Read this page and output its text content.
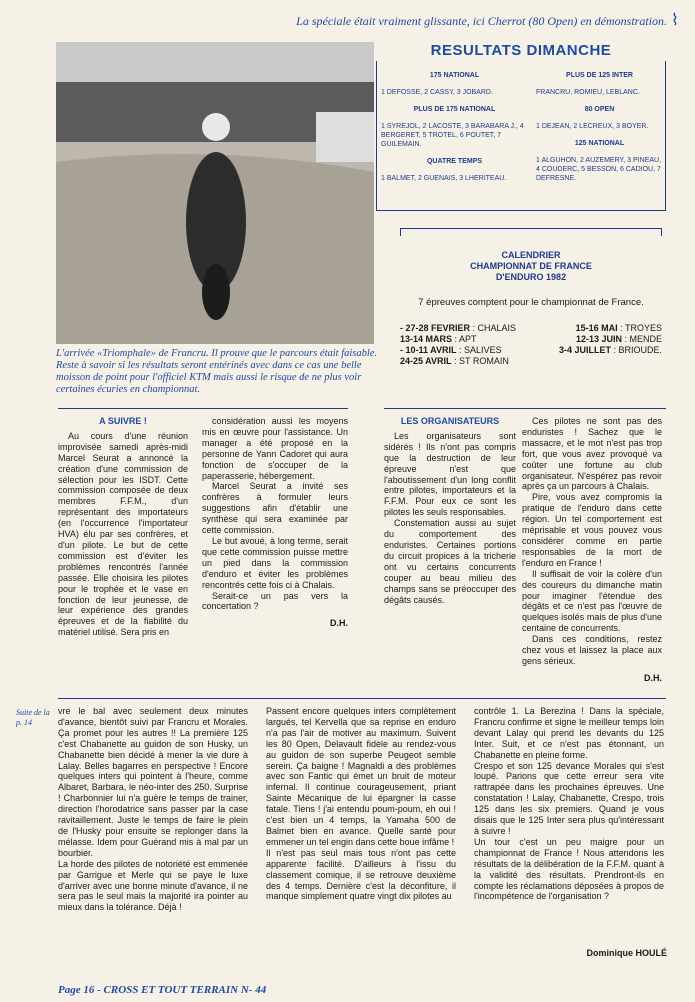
La spéciale était vraiment glissante, ici Cherrot (80 Open) en démonstration. ⌇
L'arrivée «Triomphale» de Francru. Il prouve que le parcours était faisable. Reste à savoir si les résultats seront entérinés avec dans ce cas une belle moisson de point pour l'officiel KTM mais aussi le risque de ne plus voir certaines écuries en championnat.
RESULTATS DIMANCHE
175 NATIONAL
1 DEFOSSE, 2 CASSY, 3 JOBARD.
PLUS DE 175 NATIONAL
1 SYREJOL, 2 LACOSTE, 3 BARABARA J., 4 BERGERET, 5 TROTEL, 6 POUTET, 7 GUILEMAIN.
QUATRE TEMPS
1 BALMET, 2 GUENAIS, 3 LHERITEAU.
PLUS DE 125 INTER
FRANCRU, ROMIEU, LEBLANC.
80 OPEN
1 DEJEAN, 2 LECREUX, 3 BOYER.
125 NATIONAL
1 ALGUHON, 2 AUZEMERY, 3 PINEAU, 4 COUDERC, 5 BESSON, 6 CADIOU, 7 DEFRESNE.
CALENDRIER
CHAMPIONNAT DE FRANCE
D'ENDURO 1982
7 épreuves comptent pour le championnat de France.
- 27-28 FEVRIER : CHALAIS
13-14 MARS : APT
- 10-11 AVRIL : SALIVES
24-25 AVRIL : ST ROMAIN
15-16 MAI : TROYES
12-13 JUIN : MENDE
3-4 JUILLET : BRIOUDE.

A SUIVRE !

Au cours d'une réunion improvisée samedi après-midi Marcel Seurat a annoncé la création d'une commission de sélection pour les ISDT. Cette commission composée de deux membres F.F.M., d'un représentant des importateurs (en l'occurrence l'importateur HVA) élu par ses confrères, et d'un pilote. Le but de cette commission est d'éviter les problèmes rencontrés l'année passée. Elle choisira les pilotes pour le trophée et le vase en fonction de leur jeunesse, de leur expérience des grandes épreuves et de la fiabilité du matériel utilisé. Sera pris en

considération aussi les moyens mis en œuvre pour l'assistance. Un manager a été proposé en la personne de Yann Cadoret qui aura fonction de s'occuper de la paperasserie, hébergement.

Marcel Seurat a invité ses confrères à formuler leurs suggestions afin d'établir une synthèse qui sera examinée par cette commission.

Le but avoué, à long terme, serait que cette commission puisse mettre un pied dans la commission d'enduro et éviter les problèmes rencontrés cette fois ci à Chalais.

Serait-ce un pas vers la concertation ?

D.H.

LES ORGANISATEURS

Les organisateurs sont sidérés ! Ils n'ont pas compris que la destruction de leur épreuve n'est que l'aboutissement d'un long conflit entre pilotes, importateurs et la F.F.M. Pour eux ce sont les pilotes les seuls responsables.

Constemation aussi au sujet du comportement des enduristes. Certaines portions du circuit propices à la tricherie ont vu certains concurrents couper au beau milieu des champs sans se préoccuper des dégâts causés.

Ces pilotes ne sont pas des enduristes ! Sachez que le massacre, et le mot n'est pas trop fort, que vous avez provoqué va coûter une fortune au club organisateur. N'espérez pas revoir après ça un parcours à Chalais.

Pire, vous avez compromis la pratique de l'enduro dans cette région. Un tel comportement est méprisable et vous pouvez vous considérer comme en partie responsables de la mort de l'enduro en France !

Il suffisait de voir la colère d'un des coureurs du dimanche matin pour imaginer l'étendue des dégâts et ce n'est pas l'œuvre de quelques isolés mais de plus d'une centaine de concurrents.

Dans ces conditions, restez chez vous et laissez la place aux gens sérieux.

D.H.

Suite de la p. 14
vre le bal avec seulement deux minutes d'avance, bientôt suivi par Francru et Morales. Ça promet pour les autres !! La première 125 c'est Chabanette au guidon de son Husky, un Chabanette bien décidé à mener la vie dure à Lalay. Belles bagarres en perspective ! Encore quelques inters qui pointent à l'heure, comme Albaret, Barbara, le néo-inter des 250. Surprise ! Charbonnier lui n'a guère le temps de trainer, direction l'horodatrice sans passer par la case ravitaillement. Juste le temps de faire le plein de l'Husky pour ensuite se replonger dans la mélasse. Idem pour Guérand mis à mal par un bourbier.
La horde des pilotes de notoriété est emmenée par Garrigue et Merle qui se paye le luxe d'arriver avec une bonne minute d'avance, il ne sera pas le seul mais la majorité ira pointer au mieux dans la tolérance. Déjà !
Passent encore quelques inters complètement largués, tel Kervella que sa reprise en enduro n'a pas l'air de motiver au maximum. Suivent les 80 Open, Delavault fidèle au rendez-vous au guidon de son superbe Peugeot semble serein. Ça baigne ! Magnaldi a des problèmes avec son Fantic qui émet un bruit de moteur infernal. Il continue courageusement, priant Sainte Mécanique de lui épargner la casse fatale. Tiens ! j'ai entendu poum-poum, eh oui ! c'est bien un 4 temps, la Yamaha 500 de Balmet bien en avance. Quelle santé pour emmener un tel engin dans cette boue infâme !
Il n'est pas seul mais tous n'ont pas cette apparente facilité. D'ailleurs à l'issu du classement comique, il se retrouve deuxième des 4 temps. Dernière c'est la déconfiture, il manque simplement quatre vingt dix pilotes au
contrôle 1. La Berezina ! Dans la spéciale, Francru confirme et signe le meilleur temps loin devant Lalay qui prend les devants du 125 Inter. Suit, et ce n'est pas étonnant, un Chabanette en pleine forme.
Crespo et son 125 devance Morales qui s'est loupé. Parions que cette erreur sera vite rattrapée dans les prochaines épreuves. Une constatation ! Lalay, Chabanette, Crespo, trois 125 dans les six premiers. Quand je vous disais que le 125 Inter sera plus qu'intéressant à suivre !
Un tour c'est un peu maigre pour un championnat de France ! Nous attendons les résultats de la délibération de la F.F.M. quant à la validité des résultats. Prendront-ils en compte les réclamations déposées à propos de l'incompétence de l'organisation ?
Dominique HOULÉ
Page 16 - CROSS ET TOUT TERRAIN N- 44
